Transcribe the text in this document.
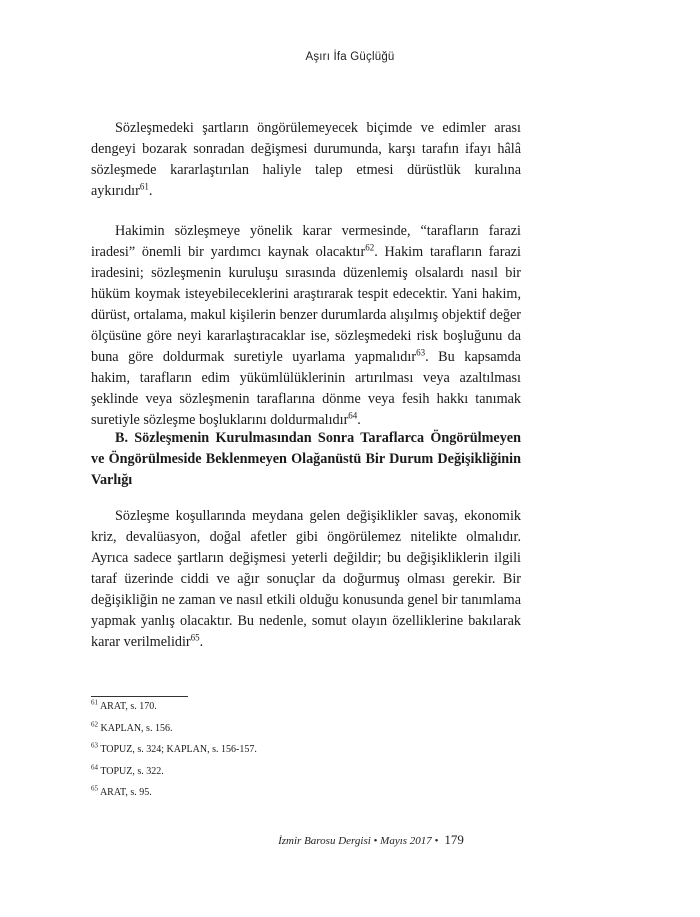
Aşırı İfa Güçlüğü

Sözleşmedeki şartların öngörülemeyecek biçimde ve edimler arası dengeyi bozarak sonradan değişmesi durumunda, karşı tarafın ifayı hâlâ sözleşmede kararlaştırılan haliyle talep etmesi dürüstlük kuralına aykırıdır$^{61}$.

Hakimin sözleşmeye yönelik karar vermesinde, “tarafların farazi iradesi” önemli bir yardımcı kaynak olacaktır$^{62}$. Hakim tarafların farazi iradesini; sözleşmenin kuruluşu sırasında düzenlemiş olsalardı nasıl bir hüküm koymak isteyebileceklerini araştırarak tespit edecektir. Yani hakim, dürüst, ortalama, makul kişilerin benzer durumlarda alışılmış objektif değer ölçüsüne göre neyi kararlaştıracaklar ise, sözleşmedeki risk boşluğunu da buna göre doldurmak suretiyle uyarlama yapmalıdır$^{63}$. Bu kapsamda hakim, tarafların edim yükümlülüklerinin artırılması veya azaltılması şeklinde veya sözleşmenin taraflarına dönme veya fesih hakkı tanımak suretiyle sözleşme boşluklarını doldurmalıdır$^{64}$.

B. Sözleşmenin Kurulmasından Sonra Taraflarca Öngörülmeyen ve Öngörülmeside Beklenmeyen Olağanüstü Bir Durum Değişikliğinin Varlığı

Sözleşme koşullarında meydana gelen değişiklikler savaş, ekonomik kriz, devalüasyon, doğal afetler gibi öngörülemez nitelikte olmalıdır. Ayrıca sadece şartların değişmesi yeterli değildir; bu değişikliklerin ilgili taraf üzerinde ciddi ve ağır sonuçlar da doğurmuş olması gerekir. Bir değişikliğin ne zaman ve nasıl etkili olduğu konusunda genel bir tanımlama yapmak yanlış olacaktır. Bu nedenle, somut olayın özelliklerine bakılarak karar verilmelidir$^{65}$.

$^{61}$ ARAT, s. 170.
$^{62}$ KAPLAN, s. 156.
$^{63}$ TOPUZ, s. 324; KAPLAN, s. 156-157.
$^{64}$ TOPUZ, s. 322.
$^{65}$ ARAT, s. 95.
İzmir Barosu Dergisi • Mayıs 2017 • 179
